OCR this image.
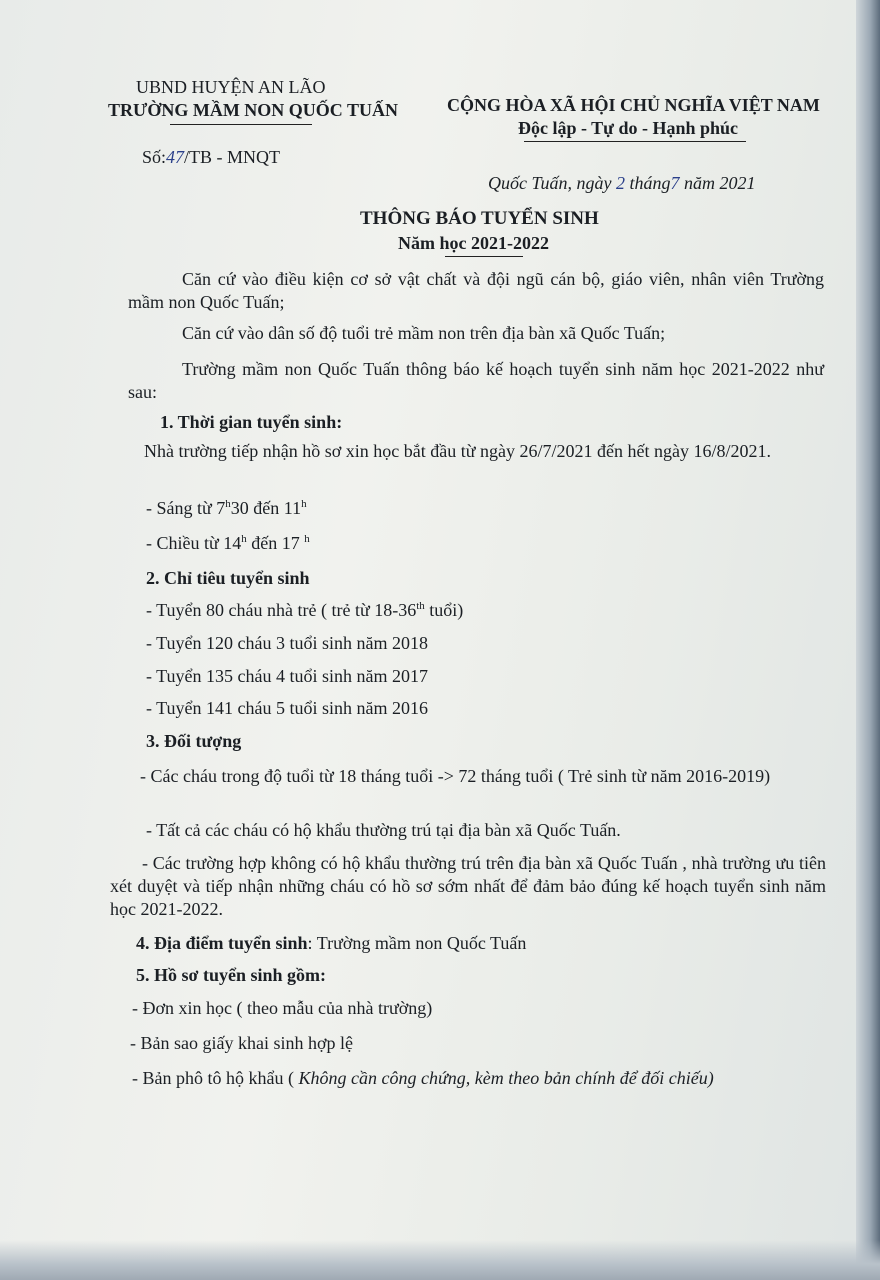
UBND HUYỆN AN LÃO
TRƯỜNG MẦM NON QUỐC TUẤN
Số:47/TB - MNQT
CỘNG HÒA XÃ HỘI CHỦ NGHĨA VIỆT NAM
Độc lập - Tự do - Hạnh phúc
Quốc Tuấn, ngày 2 tháng7 năm 2021
THÔNG BÁO TUYỂN SINH
Năm học 2021-2022
Căn cứ vào điều kiện cơ sở vật chất và đội ngũ cán bộ, giáo viên, nhân viên Trường mầm non Quốc Tuấn;
Căn cứ vào dân số độ tuổi trẻ mầm non trên địa bàn xã Quốc Tuấn;
Trường mầm non Quốc Tuấn thông báo kế hoạch tuyển sinh năm học 2021-2022 như sau:
1. Thời gian tuyển sinh:
Nhà trường tiếp nhận hồ sơ xin học bắt đầu từ ngày 26/7/2021 đến hết ngày 16/8/2021.
- Sáng từ 7$^h$30 đến 11$^h$
- Chiều từ 14$^h$ đến 17 $^h$
2. Chỉ tiêu tuyển sinh
- Tuyển 80 cháu nhà trẻ ( trẻ từ 18-36th tuổi)
- Tuyển 120 cháu 3 tuổi sinh năm 2018
- Tuyển 135 cháu 4 tuổi sinh năm 2017
- Tuyển 141 cháu 5 tuổi sinh năm 2016
3. Đối tượng
- Các cháu trong độ tuổi từ 18 tháng tuổi -> 72 tháng tuổi ( Trẻ sinh từ năm 2016-2019)
- Tất cả các cháu có hộ khẩu thường trú tại địa bàn xã Quốc Tuấn.
- Các trường hợp không có hộ khẩu thường trú trên địa bàn xã Quốc Tuấn , nhà trường ưu tiên xét duyệt và tiếp nhận những cháu có hồ sơ sớm nhất để đảm bảo đúng kế hoạch tuyển sinh năm học 2021-2022.
4. Địa điểm tuyển sinh: Trường mầm non Quốc Tuấn
5. Hồ sơ tuyển sinh gồm:
- Đơn xin học ( theo mẫu của nhà trường)
- Bản sao giấy khai sinh hợp lệ
- Bản phô tô hộ khẩu ( Không cần công chứng, kèm theo bản chính để đối chiếu)
